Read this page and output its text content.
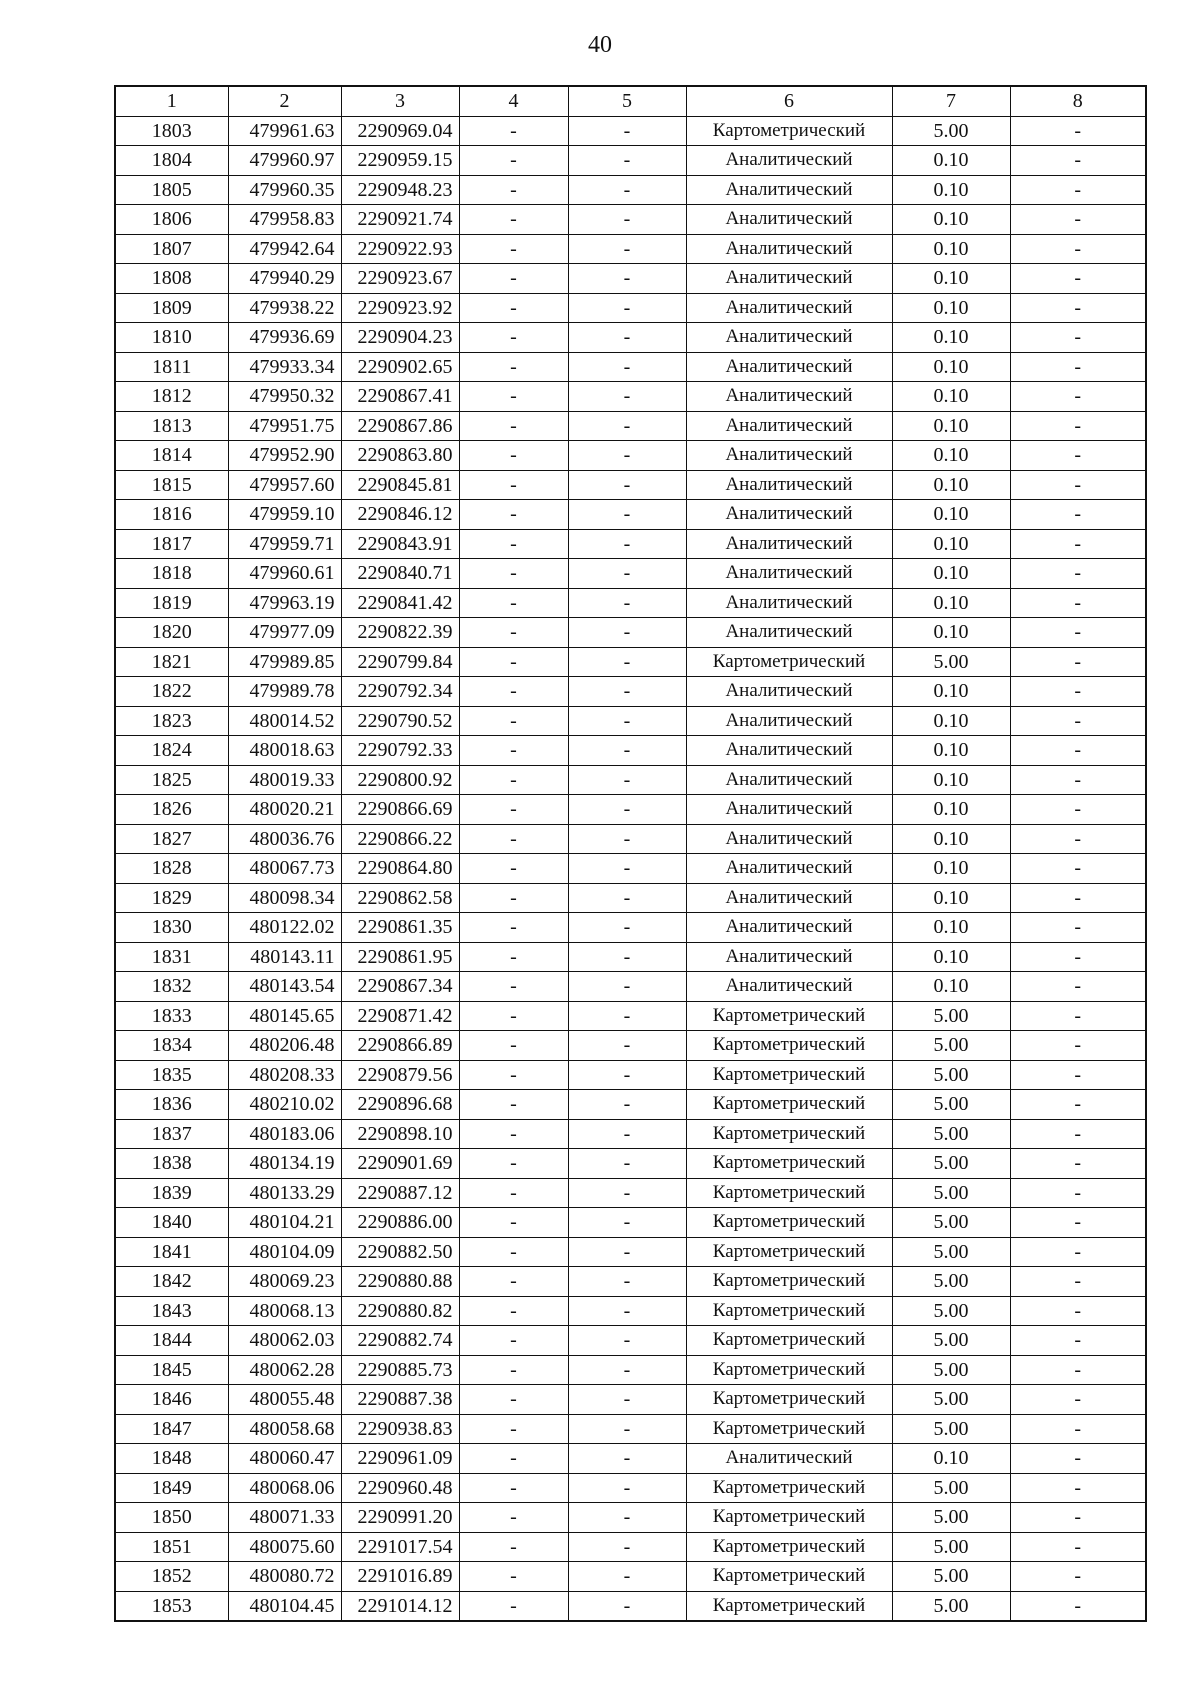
40
1	2	3	4	5	6	7	8
1803	479961.63	2290969.04	-	-	Картометрический	5.00	-
1804	479960.97	2290959.15	-	-	Аналитический	0.10	-
1805	479960.35	2290948.23	-	-	Аналитический	0.10	-
1806	479958.83	2290921.74	-	-	Аналитический	0.10	-
1807	479942.64	2290922.93	-	-	Аналитический	0.10	-
1808	479940.29	2290923.67	-	-	Аналитический	0.10	-
1809	479938.22	2290923.92	-	-	Аналитический	0.10	-
1810	479936.69	2290904.23	-	-	Аналитический	0.10	-
1811	479933.34	2290902.65	-	-	Аналитический	0.10	-
1812	479950.32	2290867.41	-	-	Аналитический	0.10	-
1813	479951.75	2290867.86	-	-	Аналитический	0.10	-
1814	479952.90	2290863.80	-	-	Аналитический	0.10	-
1815	479957.60	2290845.81	-	-	Аналитический	0.10	-
1816	479959.10	2290846.12	-	-	Аналитический	0.10	-
1817	479959.71	2290843.91	-	-	Аналитический	0.10	-
1818	479960.61	2290840.71	-	-	Аналитический	0.10	-
1819	479963.19	2290841.42	-	-	Аналитический	0.10	-
1820	479977.09	2290822.39	-	-	Аналитический	0.10	-
1821	479989.85	2290799.84	-	-	Картометрический	5.00	-
1822	479989.78	2290792.34	-	-	Аналитический	0.10	-
1823	480014.52	2290790.52	-	-	Аналитический	0.10	-
1824	480018.63	2290792.33	-	-	Аналитический	0.10	-
1825	480019.33	2290800.92	-	-	Аналитический	0.10	-
1826	480020.21	2290866.69	-	-	Аналитический	0.10	-
1827	480036.76	2290866.22	-	-	Аналитический	0.10	-
1828	480067.73	2290864.80	-	-	Аналитический	0.10	-
1829	480098.34	2290862.58	-	-	Аналитический	0.10	-
1830	480122.02	2290861.35	-	-	Аналитический	0.10	-
1831	480143.11	2290861.95	-	-	Аналитический	0.10	-
1832	480143.54	2290867.34	-	-	Аналитический	0.10	-
1833	480145.65	2290871.42	-	-	Картометрический	5.00	-
1834	480206.48	2290866.89	-	-	Картометрический	5.00	-
1835	480208.33	2290879.56	-	-	Картометрический	5.00	-
1836	480210.02	2290896.68	-	-	Картометрический	5.00	-
1837	480183.06	2290898.10	-	-	Картометрический	5.00	-
1838	480134.19	2290901.69	-	-	Картометрический	5.00	-
1839	480133.29	2290887.12	-	-	Картометрический	5.00	-
1840	480104.21	2290886.00	-	-	Картометрический	5.00	-
1841	480104.09	2290882.50	-	-	Картометрический	5.00	-
1842	480069.23	2290880.88	-	-	Картометрический	5.00	-
1843	480068.13	2290880.82	-	-	Картометрический	5.00	-
1844	480062.03	2290882.74	-	-	Картометрический	5.00	-
1845	480062.28	2290885.73	-	-	Картометрический	5.00	-
1846	480055.48	2290887.38	-	-	Картометрический	5.00	-
1847	480058.68	2290938.83	-	-	Картометрический	5.00	-
1848	480060.47	2290961.09	-	-	Аналитический	0.10	-
1849	480068.06	2290960.48	-	-	Картометрический	5.00	-
1850	480071.33	2290991.20	-	-	Картометрический	5.00	-
1851	480075.60	2291017.54	-	-	Картометрический	5.00	-
1852	480080.72	2291016.89	-	-	Картометрический	5.00	-
1853	480104.45	2291014.12	-	-	Картометрический	5.00	-
